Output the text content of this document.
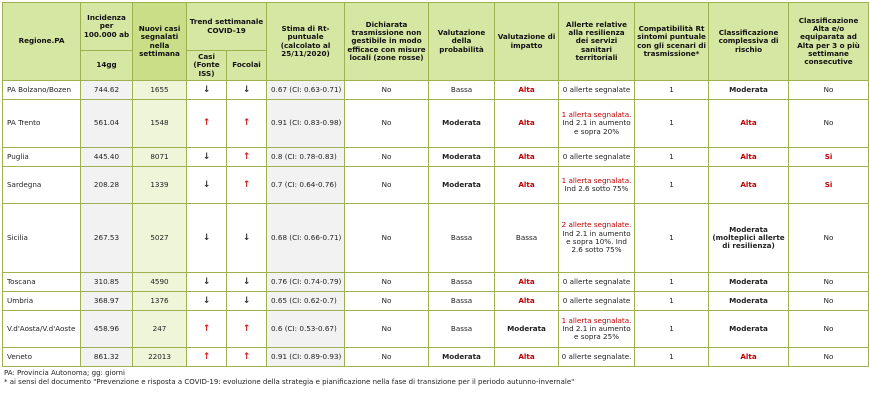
Regione.PA	Incidenza per 100.000 ab	Nuovi casi segnalati nella settimana	Trend settimanale COVID-19		Stima di Rt-puntuale (calcolato al 25/11/2020)	Dichiarata trasmissione non gestibile in modo efficace con misure locali (zone rosse)	Valutazione della probabilità	Valutazione di impatto	Allerte relative alla resilienza dei servizi sanitari territoriali	Compatibilità Rt sintomi puntuale con gli scenari di trasmissione*	Classificazione complessiva di rischio	Classificazione Alta e/o equiparata ad Alta per 3 o più settimane consecutive
	14gg		Casi (Fonte ISS)	Focolai								
PA Bolzano/Bozen	744.62	1655	↓	↓	0.67 (CI: 0.63-0.71)	No	Bassa	Alta	0 allerte segnalate	1	Moderata	No
PA Trento	561.04	1548	↑	↑	0.91 (CI: 0.83-0.98)	No	Moderata	Alta	1 allerta segnalata. Ind 2.1 in aumento e sopra 20%	1	Alta	No
Puglia	445.40	8071	↓	↑	0.8 (CI: 0.78-0.83)	No	Moderata	Alta	0 allerte segnalate	1	Alta	Si
Sardegna	208.28	1339	↓	↑	0.7 (CI: 0.64-0.76)	No	Moderata	Alta	1 allerta segnalata. Ind 2.6 sotto 75%	1	Alta	Si
Sicilia	267.53	5027	↓	↓	0.68 (CI: 0.66-0.71)	No	Bassa	Bassa	2 allerte segnalate. Ind 2.1 in aumento e sopra 10%. Ind 2.6 sotto 75%	1	Moderata (molteplici allerte di resilienza)	No
Toscana	310.85	4590	↓	↓	0.76 (CI: 0.74-0.79)	No	Bassa	Alta	0 allerte segnalate	1	Moderata	No
Umbria	368.97	1376	↓	↓	0.65 (CI: 0.62-0.7)	No	Bassa	Alta	0 allerte segnalate	1	Moderata	No
V.d'Aosta/V.d'Aoste	458.96	247	↑	↑	0.6 (CI: 0.53-0.67)	No	Bassa	Moderata	1 allerta segnalata. Ind 2.1 in aumento e sopra 25%	1	Moderata	No
Veneto	861.32	22013	↑	↑	0.91 (CI: 0.89-0.93)	No	Moderata	Alta	0 allerte segnalate.	1	Alta	No
PA: Provincia Autonoma; gg: giorni
* ai sensi del documento "Prevenzione e risposta a COVID-19: evoluzione della strategia e pianificazione nella fase di transizione per il periodo autunno-invernale"
